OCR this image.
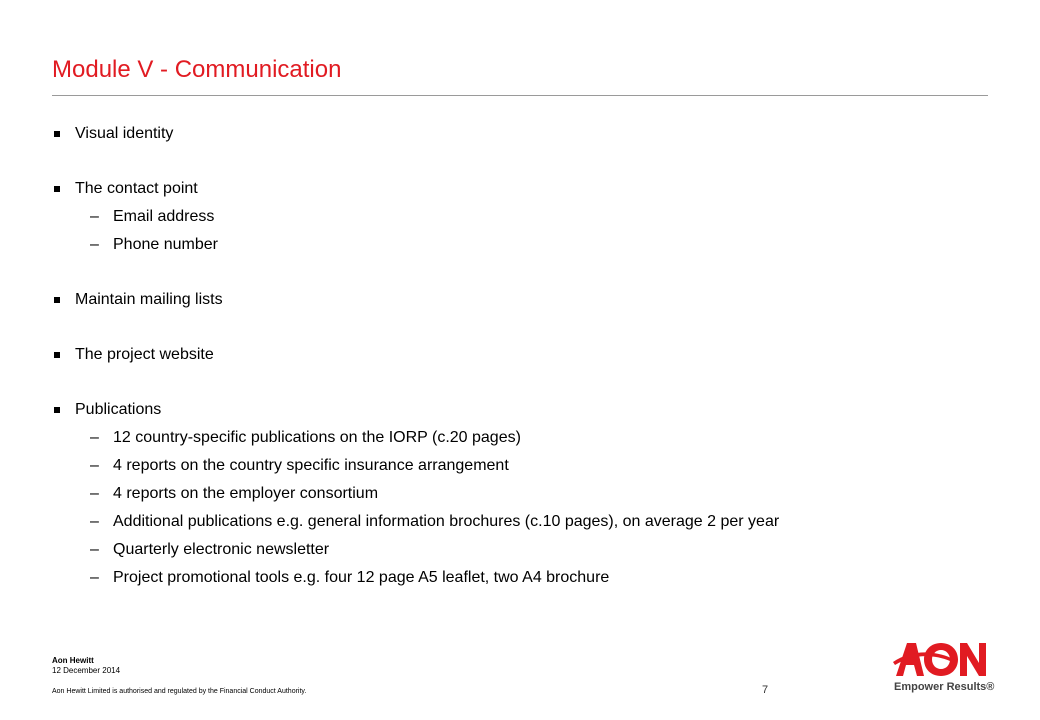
Module V - Communication
Visual identity
The contact point
– Email address
– Phone number
Maintain mailing lists
The project website
Publications
– 12 country-specific publications on the IORP (c.20 pages)
– 4 reports on the country specific insurance arrangement
– 4 reports on the employer consortium
– Additional publications e.g. general information brochures (c.10 pages), on average 2 per year
– Quarterly electronic newsletter
– Project promotional tools e.g. four 12 page A5 leaflet, two A4 brochure
Aon Hewitt
12 December 2014
Aon Hewitt Limited is authorised and regulated by the Financial Conduct Authority.	7	Empower Results®
